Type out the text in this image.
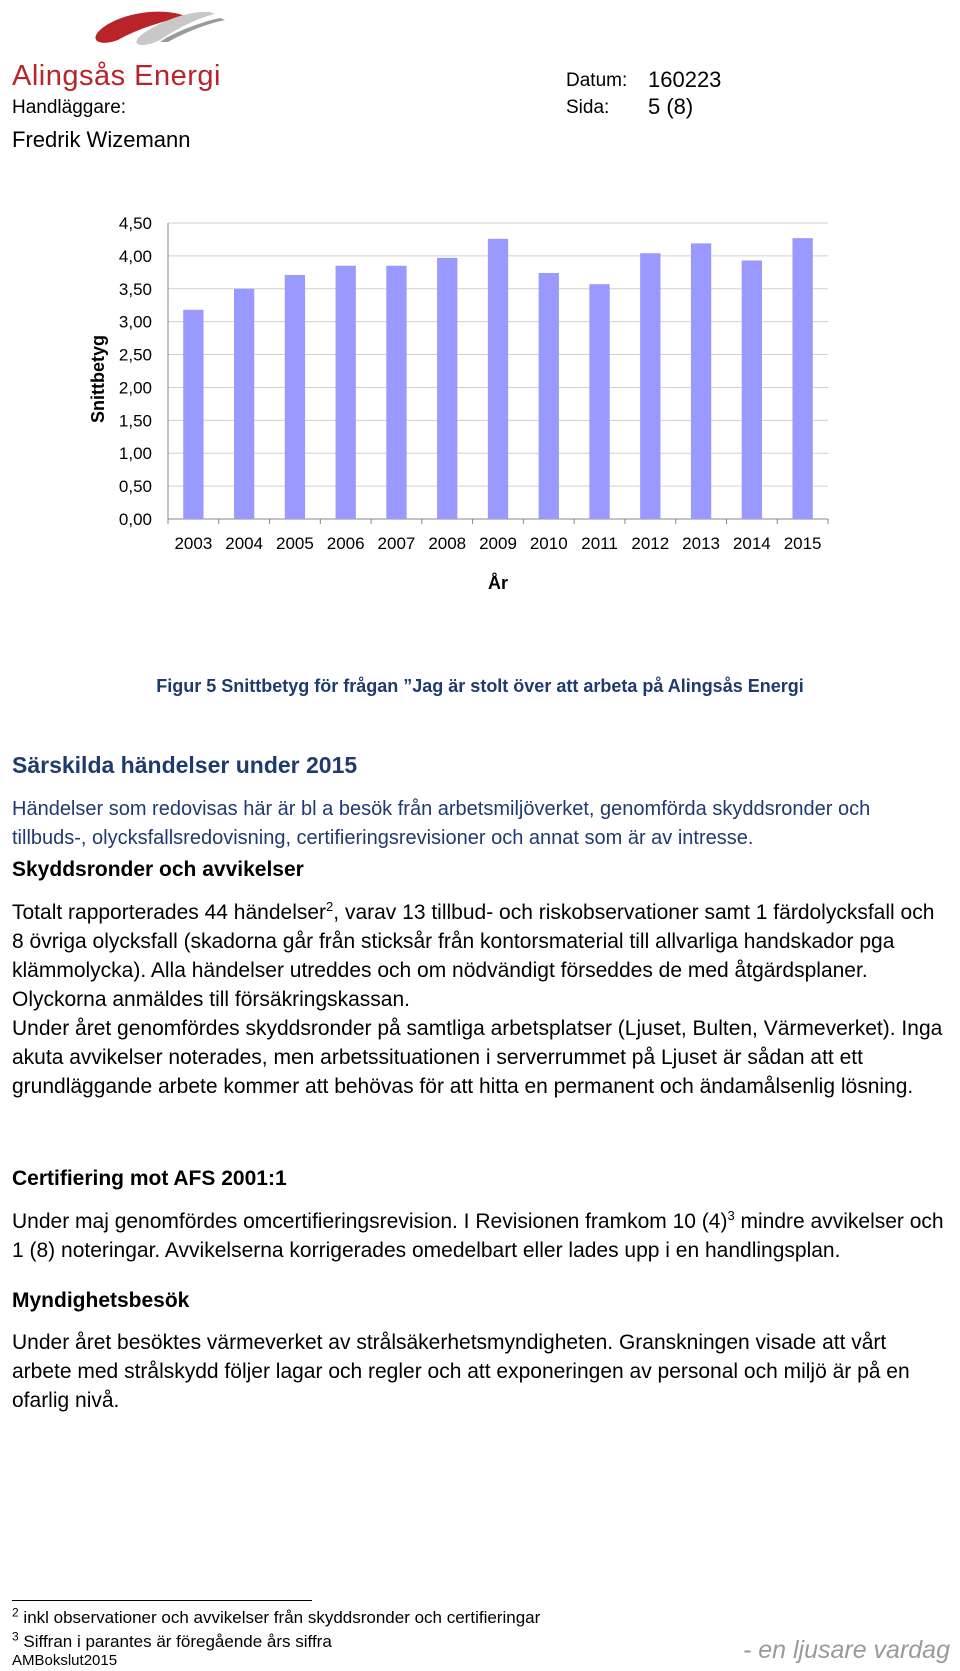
Alingsås Energi	Datum: 160223
Handläggare:	Sida: 5 (8)
Fredrik Wizemann
0,00
0,50
1,00
1,50
2,00
2,50
3,00
3,50
4,00
4,50
2003 2004 2005 2006 2007 2008 2009 2010 2011 2012 2013 2014 2015
År
Snittbetyg
Figur 5 Snittbetyg för frågan ”Jag är stolt över att arbeta på Alingsås Energi
Särskilda händelser under 2015
Händelser som redovisas här är bl a besök från arbetsmiljöverket, genomförda skyddsronder och tillbuds-, olycksfallsredovisning, certifieringsrevisioner och annat som är av intresse.
Skyddsronder och avvikelser

Totalt rapporterades 44 händelser$^2$, varav 13 tillbud- och riskobservationer samt 1 färdolycksfall och 8 övriga olycksfall (skadorna går från sticksår från kontorsmaterial till allvarliga handskador pga klämmolycka). Alla händelser utreddes och om nödvändigt förseddes de med åtgärdsplaner. Olyckorna anmäldes till försäkringskassan.

Under året genomfördes skyddsronder på samtliga arbetsplatser (Ljuset, Bulten, Värmeverket). Inga akuta avvikelser noterades, men arbetssituationen i serverrummet på Ljuset är sådan att ett grundläggande arbete kommer att behövas för att hitta en permanent och ändamålsenlig lösning.

Certifiering mot AFS 2001:1

Under maj genomfördes omcertifieringsrevision. I Revisionen framkom 10 $(4)^3$ mindre avvikelser och 1 (8) noteringar. Avvikelserna korrigerades omedelbart eller lades upp i en handlingsplan.

Myndighetsbesök
Under året besöktes värmeverket av strålsäkerhetsmyndigheten. Granskningen visade att vårt arbete med strålskydd följer lagar och regler och att exponeringen av personal och miljö är på en ofarlig nivå.
$^2$ inkl observationer och avvikelser från skyddsronder och certifieringar
$^3$ Siffran i parantes är föregående års siffra
AMBokslut2015	- en ljusare vardag
